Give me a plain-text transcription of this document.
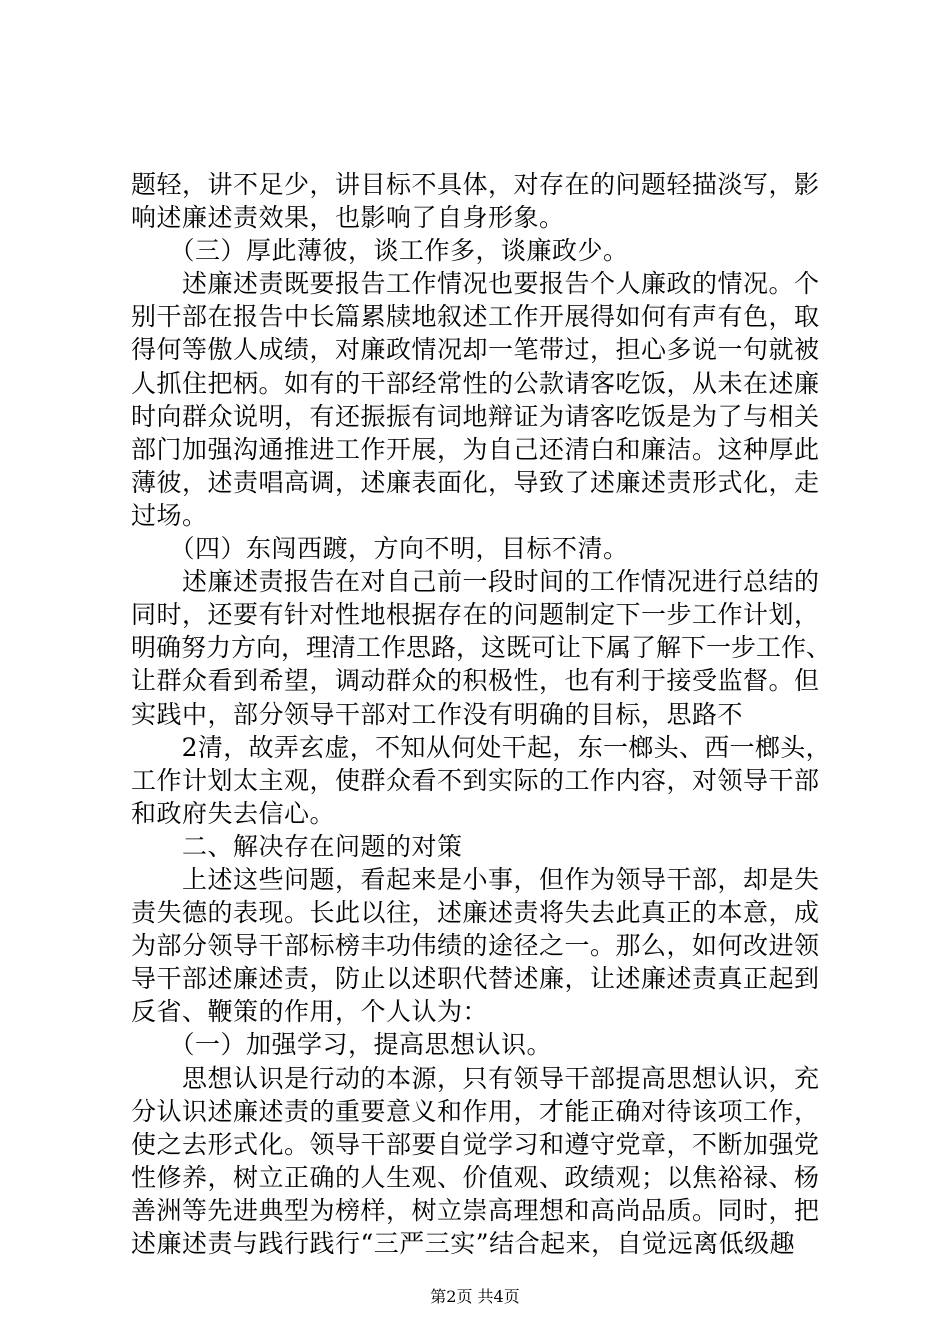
题轻，讲不足少，讲目标不具体，对存在的问题轻描淡写，影
响述廉述责效果，也影响了自身形象。
　　（三）厚此薄彼，谈工作多，谈廉政少。
　　述廉述责既要报告工作情况也要报告个人廉政的情况。个
别干部在报告中长篇累牍地叙述工作开展得如何有声有色，取
得何等傲人成绩，对廉政情况却一笔带过，担心多说一句就被
人抓住把柄。如有的干部经常性的公款请客吃饭，从未在述廉
时向群众说明，有还振振有词地辩证为请客吃饭是为了与相关
部门加强沟通推进工作开展，为自己还清白和廉洁。这种厚此
薄彼，述责唱高调，述廉表面化，导致了述廉述责形式化，走
过场。
　　（四）东闯西踱，方向不明，目标不清。
　　述廉述责报告在对自己前一段时间的工作情况进行总结的
同时，还要有针对性地根据存在的问题制定下一步工作计划，
明确努力方向，理清工作思路，这既可让下属了解下一步工作、
让群众看到希望，调动群众的积极性，也有利于接受监督。但
实践中，部分领导干部对工作没有明确的目标，思路不
　　2清，故弄玄虚，不知从何处干起，东一榔头、西一榔头，
工作计划太主观，使群众看不到实际的工作内容，对领导干部
和政府失去信心。
　　二、解决存在问题的对策
　　上述这些问题，看起来是小事，但作为领导干部，却是失
责失德的表现。长此以往，述廉述责将失去此真正的本意，成
为部分领导干部标榜丰功伟绩的途径之一。那么，如何改进领
导干部述廉述责，防止以述职代替述廉，让述廉述责真正起到
反省、鞭策的作用，个人认为：
　　（一）加强学习，提高思想认识。
　　思想认识是行动的本源，只有领导干部提高思想认识，充
分认识述廉述责的重要意义和作用，才能正确对待该项工作，
使之去形式化。领导干部要自觉学习和遵守党章，不断加强党
性修养，树立正确的人生观、价值观、政绩观；以焦裕禄、杨
善洲等先进典型为榜样，树立崇高理想和高尚品质。同时，把
述廉述责与践行践行“三严三实”结合起来，自觉远离低级趣
第2页 共4页
